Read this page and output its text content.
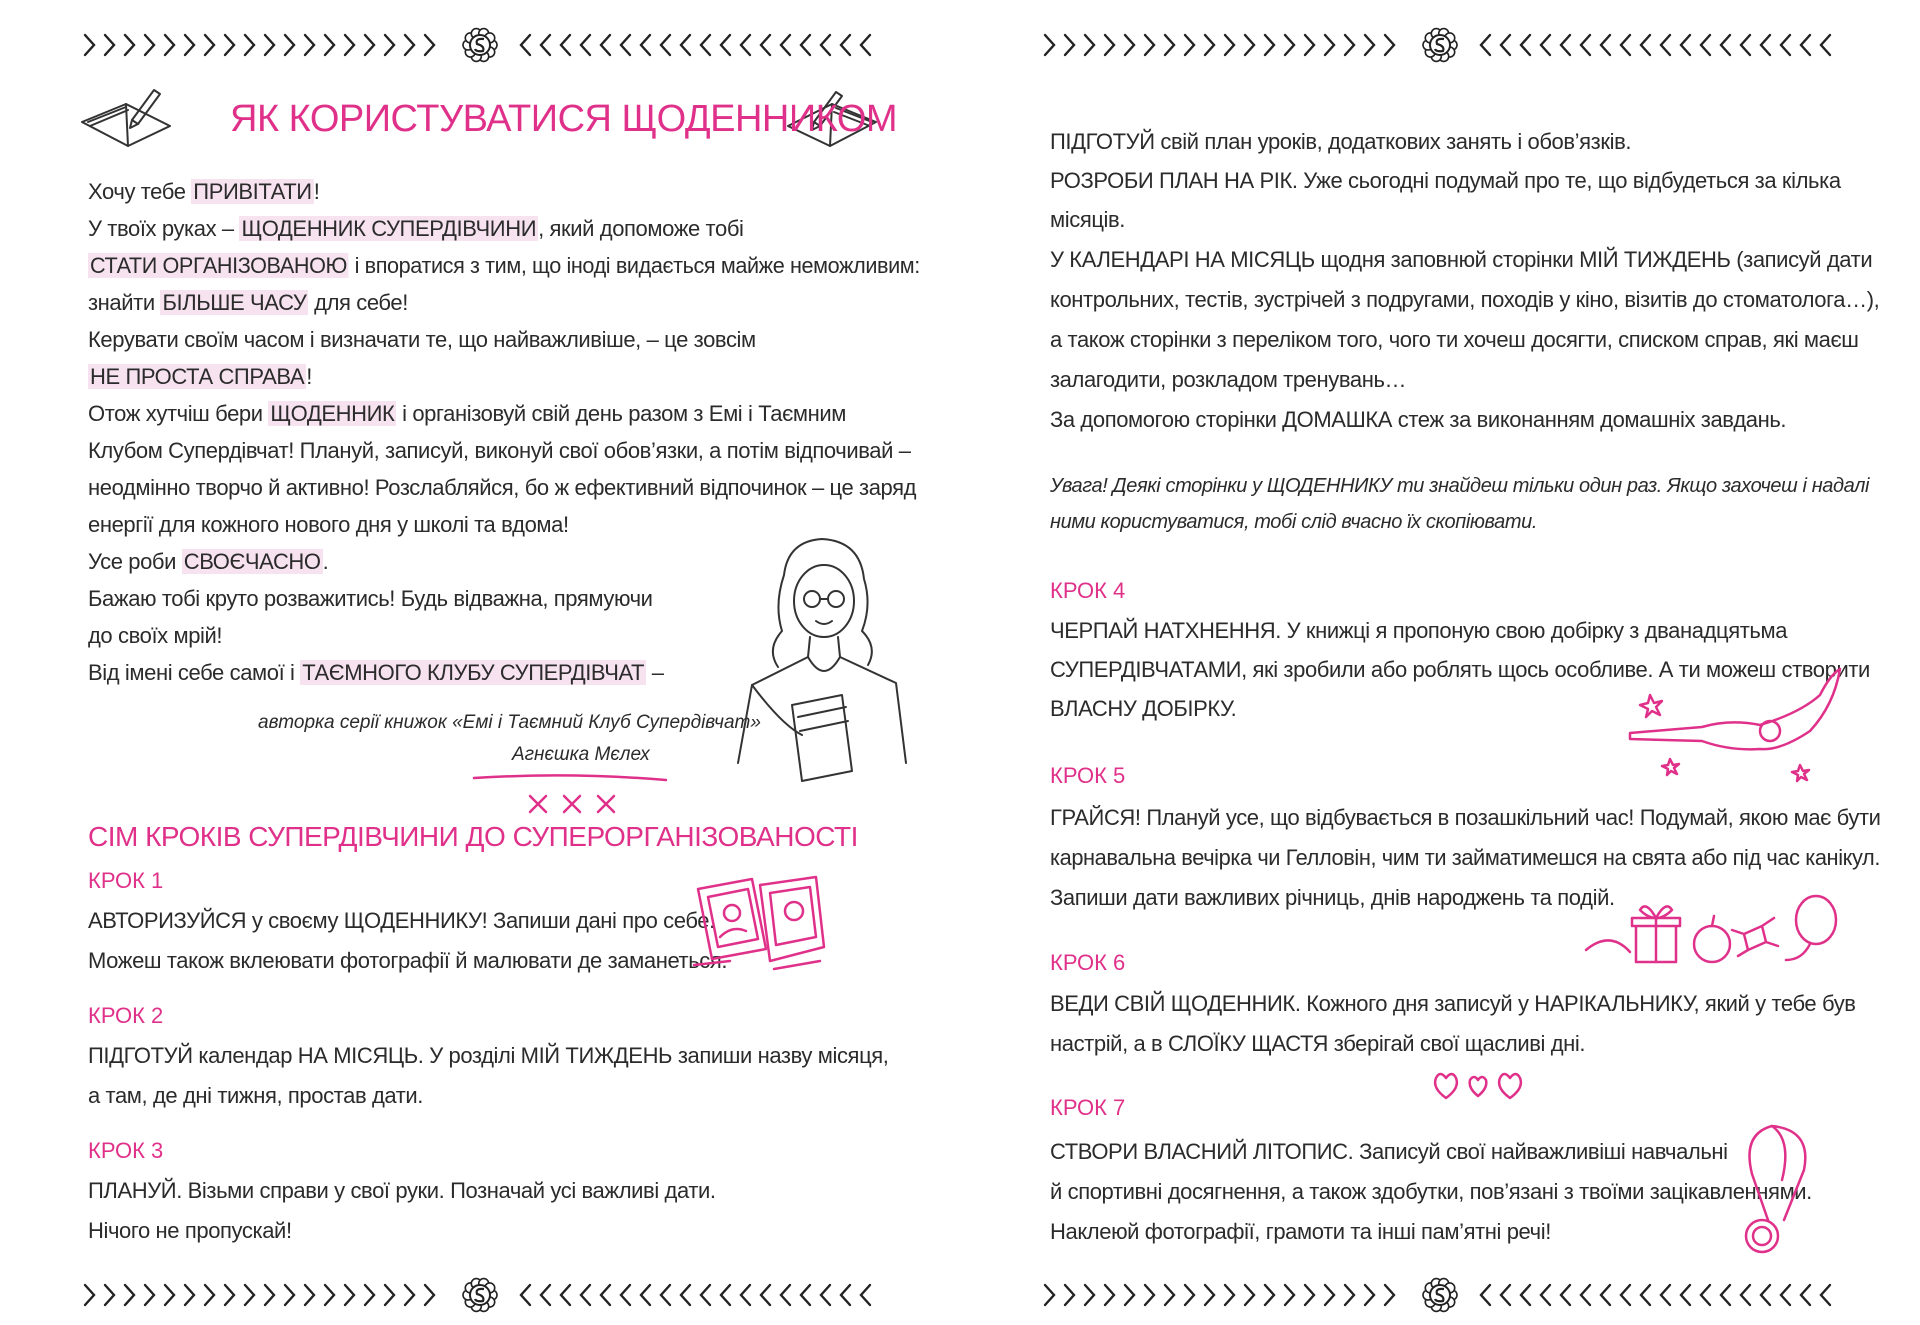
ЯК КОРИСТУВАТИСЯ ЩОДЕННИКОМ
Хочу тебе ПРИВІТАТИ!
У твоїх руках – ЩОДЕННИК СУПЕРДІВЧИНИ, який допоможе тобі
СТАТИ ОРГАНІЗОВАНОЮ і впоратися з тим, що іноді видається майже неможливим:
знайти БІЛЬШЕ ЧАСУ для себе!
Керувати своїм часом і визначати те, що найважливіше, – це зовсім
НЕ ПРОСТА СПРАВА!
Отож хутчіш бери ЩОДЕННИК і організовуй свій день разом з Емі і Таємним
Клубом Супердівчат! Плануй, записуй, виконуй свої обов’язки, а потім відпочивай –
неодмінно творчо й активно! Розслабляйся, бо ж ефективний відпочинок – це заряд
енергії для кожного нового дня у школі та вдома!
Усе роби СВОЄЧАСНО.
Бажаю тобі круто розважитись! Будь відважна, прямуючи
до своїх мрій!
Від імені себе самої і ТАЄМНОГО КЛУБУ СУПЕРДІВЧАТ –
авторка серії книжок «Емі і Таємний Клуб Супердівчат»
Агнєшка Мєлех
СІМ КРОКІВ СУПЕРДІВЧИНИ ДО СУПЕРОРГАНІЗОВАНОСТІ
КРОК 1
АВТОРИЗУЙСЯ у своєму ЩОДЕННИКУ! Запиши дані про себе.
Можеш також вклеювати фотографії й малювати де заманеться.
КРОК 2
ПІДГОТУЙ календар НА МІСЯЦЬ. У розділі МІЙ ТИЖДЕНЬ запиши назву місяця,
а там, де дні тижня, простав дати.
КРОК 3
ПЛАНУЙ. Візьми справи у свої руки. Позначай усі важливі дати.
Нічого не пропускай!
ПІДГОТУЙ свій план уроків, додаткових занять і обов’язків.
РОЗРОБИ ПЛАН НА РІК. Уже сьогодні подумай про те, що відбудеться за кілька
місяців.
У КАЛЕНДАРІ НА МІСЯЦЬ щодня заповнюй сторінки МІЙ ТИЖДЕНЬ (записуй дати
контрольних, тестів, зустрічей з подругами, походів у кіно, візитів до стоматолога…),
а також сторінки з переліком того, чого ти хочеш досягти, списком справ, які маєш
залагодити, розкладом тренувань…
За допомогою сторінки ДОМАШКА стеж за виконанням домашніх завдань.
Увага! Деякі сторінки у ЩОДЕННИКУ ти знайдеш тільки один раз. Якщо захочеш і надалі
ними користуватися, тобі слід вчасно їх скопіювати.
КРОК 4
ЧЕРПАЙ НАТХНЕННЯ. У книжці я пропоную свою добірку з дванадцятьма
СУПЕРДІВЧАТАМИ, які зробили або роблять щось особливе. А ти можеш створити
ВЛАСНУ ДОБІРКУ.
КРОК 5
ГРАЙСЯ! Плануй усе, що відбувається в позашкільний час! Подумай, якою має бути
карнавальна вечірка чи Гелловін, чим ти займатимешся на свята або під час канікул.
Запиши дати важливих річниць, днів народжень та подій.
КРОК 6
ВЕДИ СВІЙ ЩОДЕННИК. Кожного дня записуй у НАРІКАЛЬНИКУ, який у тебе був
настрій, а в СЛОЇКУ ЩАСТЯ зберігай свої щасливі дні.
КРОК 7
СТВОРИ ВЛАСНИЙ ЛІТОПИС. Записуй свої найважливіші навчальні
й спортивні досягнення, а також здобутки, пов’язані з твоїми зацікавленнями.
Наклеюй фотографії, грамоти та інші пам’ятні речі!
